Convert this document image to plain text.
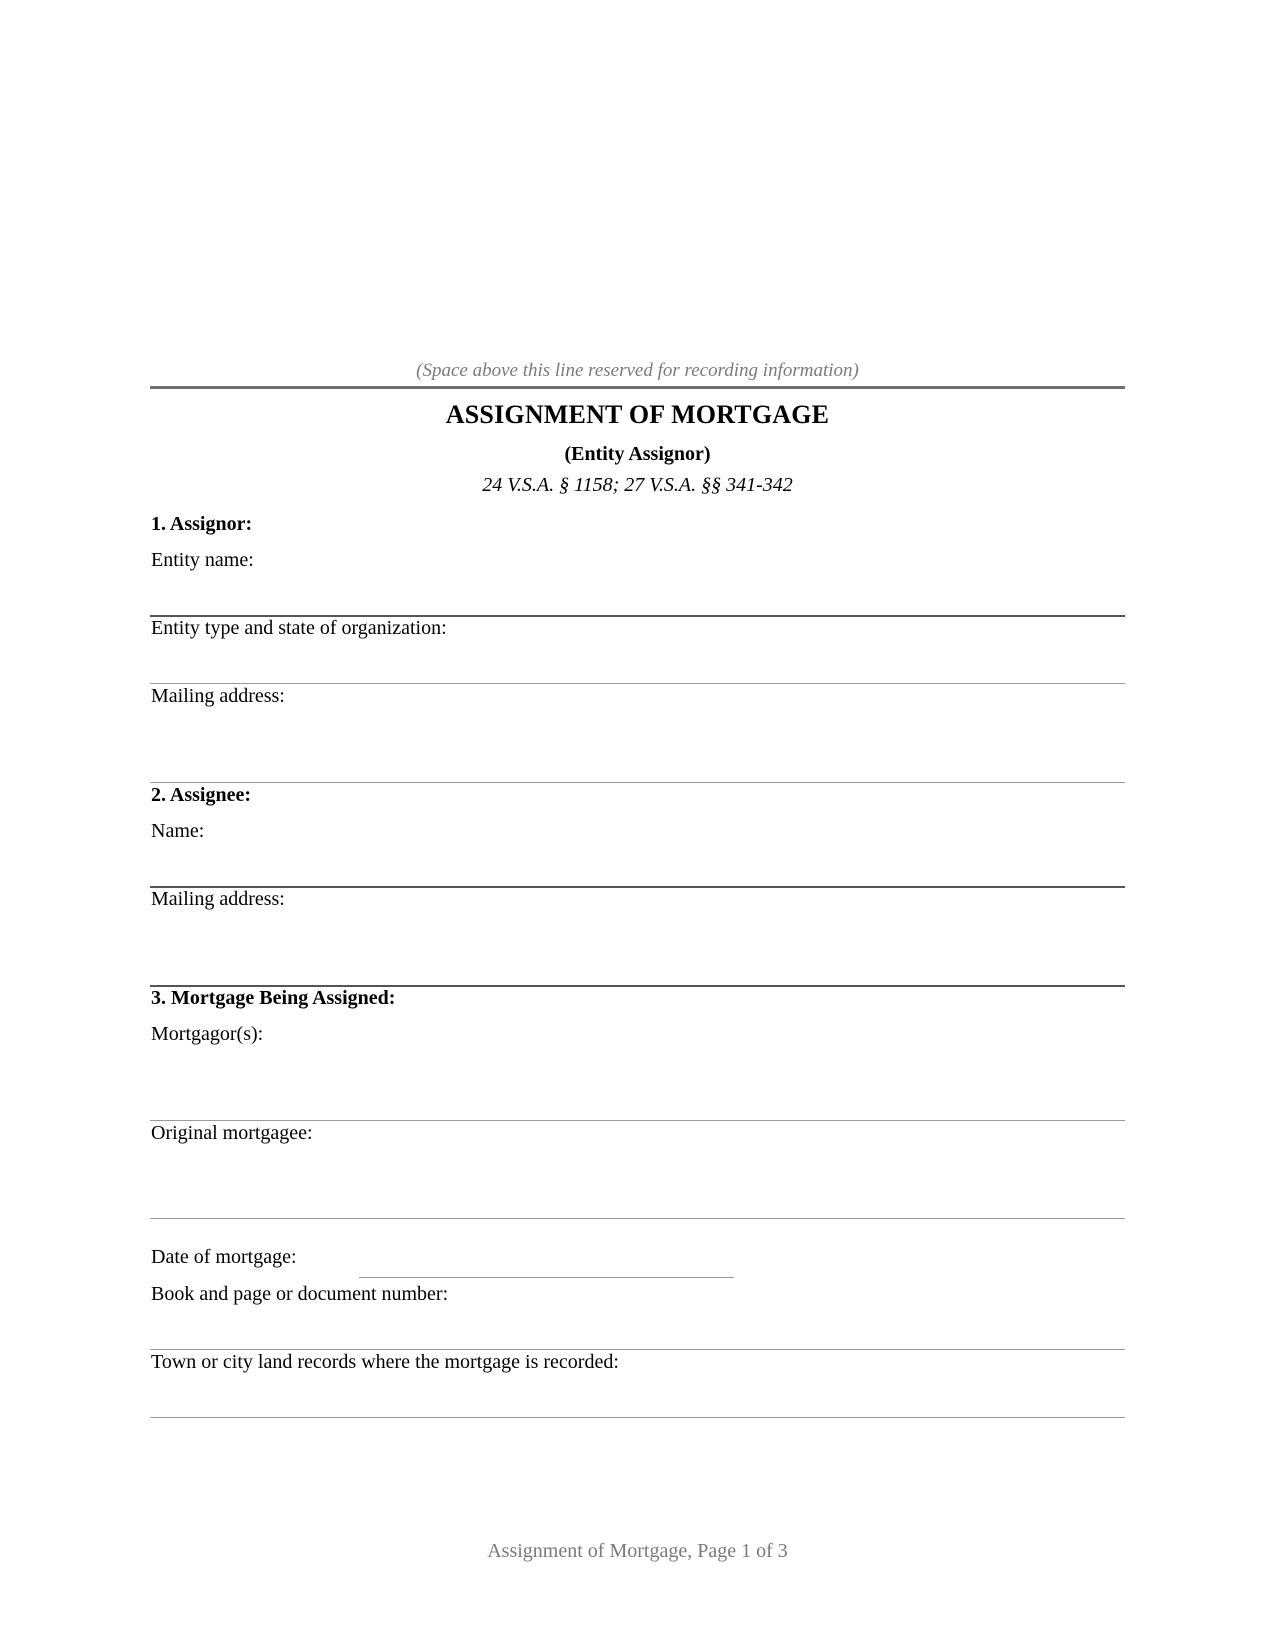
(Space above this line reserved for recording information)

ASSIGNMENT OF MORTGAGE

(Entity Assignor)

24 V.S.A. § 1158; 27 V.S.A. §§ 341-342

1. Assignor:

Entity name:

Entity type and state of organization:

Mailing address:

2. Assignee:

Name:

Mailing address:

3. Mortgage Being Assigned:

Mortgagor(s):

Original mortgagee:

Date of mortgage:

Book and page or document number:

Town or city land records where the mortgage is recorded:

Assignment of Mortgage, Page 1 of 3
